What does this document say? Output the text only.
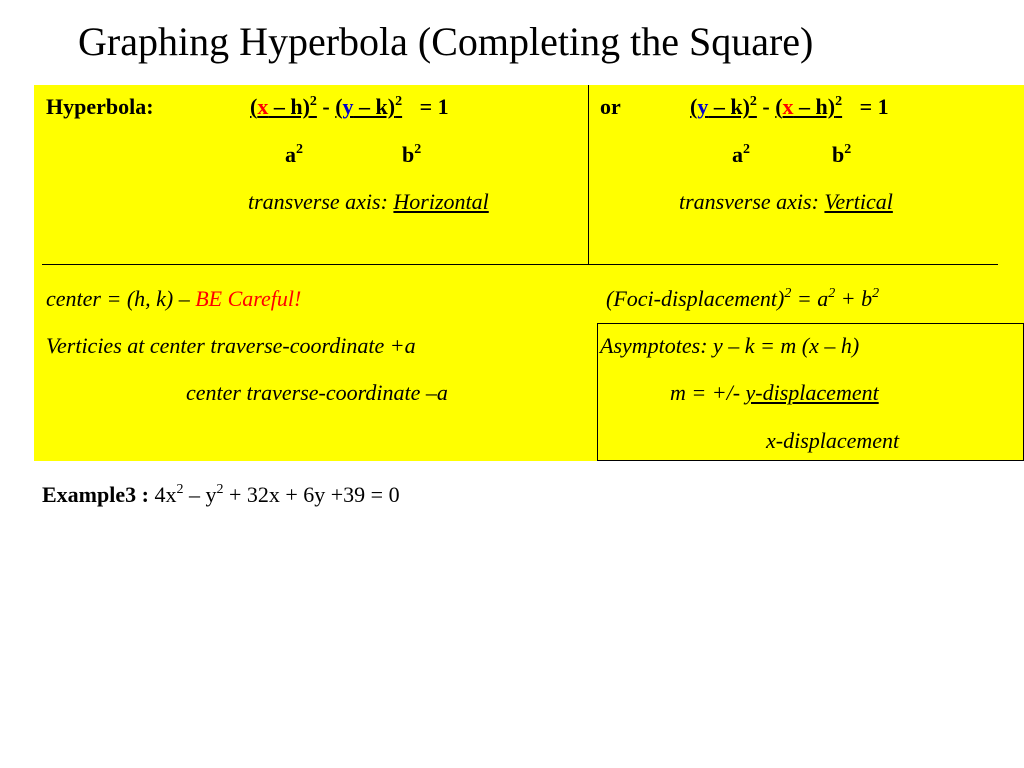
Graphing Hyperbola (Completing the Square)
Hyperbola:	(x – h)$^2$ - (y – k)$^2$ = 1
$a^2$	$b^2$
transverse axis: Horizontal
or	(y – k)$^2$ - (x – h)$^2$ = 1
$a^2$	$b^2$
transverse axis: Vertical
center = (h, k) – BE Careful!	(Foci-displacement)$^2$ = $a^2 + b^2$
Verticies at center traverse-coordinate +a
center traverse-coordinate –a
Asymptotes: y – k = m (x – h)
m = +/- y-displacement
x-displacement
Example3 : $4x^2 - y^2 + 32x + 6y +39 = 0$
